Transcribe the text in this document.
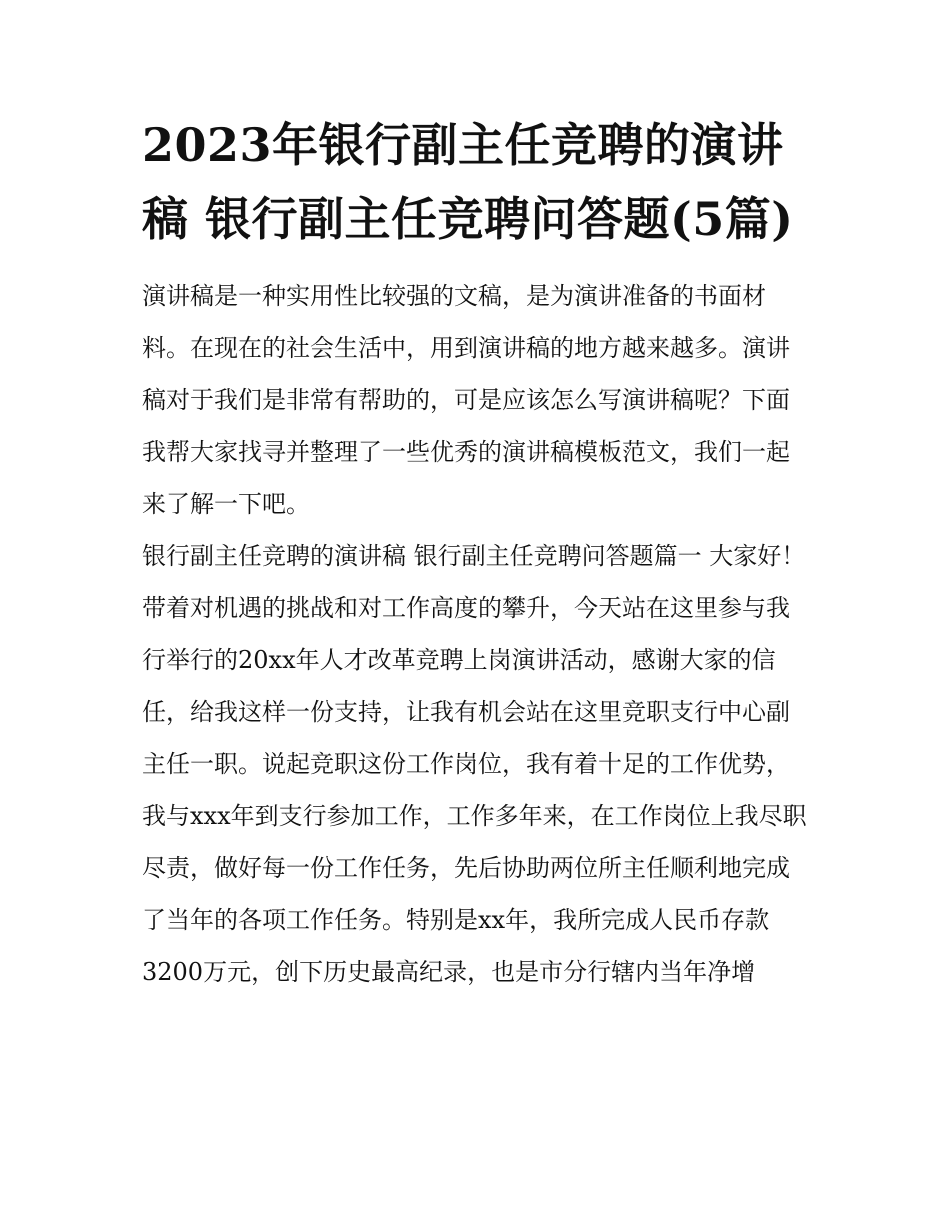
2023年银行副主任竞聘的演讲稿 银行副主任竞聘问答题(5篇)

演讲稿是一种实用性比较强的文稿，是为演讲准备的书面材料。在现在的社会生活中，用到演讲稿的地方越来越多。演讲稿对于我们是非常有帮助的，可是应该怎么写演讲稿呢？下面我帮大家找寻并整理了一些优秀的演讲稿模板范文，我们一起来了解一下吧。

银行副主任竞聘的演讲稿 银行副主任竞聘问答题篇一 大家好！

带着对机遇的挑战和对工作高度的攀升，今天站在这里参与我行举行的20xx年人才改革竞聘上岗演讲活动，感谢大家的信任，给我这样一份支持，让我有机会站在这里竞职支行中心副主任一职。说起竞职这份工作岗位，我有着十足的工作优势，我与xxx年到支行参加工作，工作多年来，在工作岗位上我尽职尽责，做好每一份工作任务，先后协助两位所主任顺利地完成了当年的各项工作任务。特别是xx年，我所完成人民币存款3200万元，创下历史最高纪录，也是市分行辖内当年净增
